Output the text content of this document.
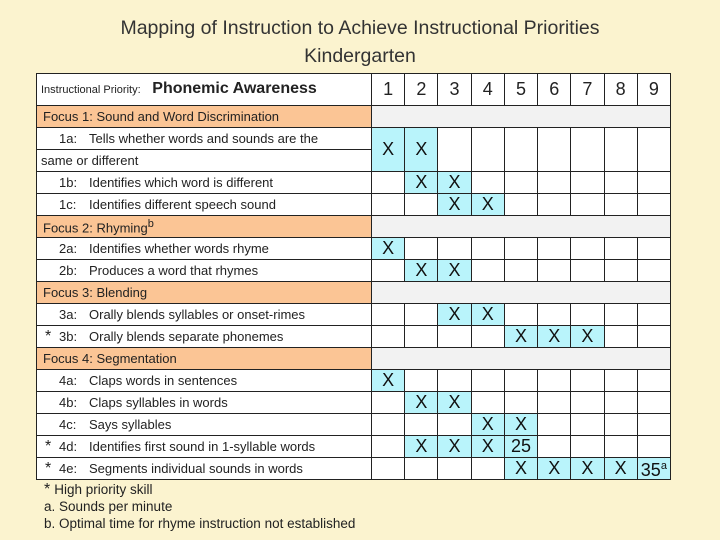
Mapping of Instruction to Achieve Instructional Priorities
Kindergarten
Instructional Priority: Phonemic Awareness	1	2	3	4	5	6	7	8	9
Focus 1: Sound and Word Discrimination									
1a: Tells whether words and sounds are the	X	X							
same or different									
1b: Identifies which word is different		X	X						
1c: Identifies different speech sound			X	X					
Focus 2: Rhyming$^b$	
2a: Identifies whether words rhyme	X								
2b: Produces a word that rhymes		X	X						
Focus 3: Blending									
3a: Orally blends syllables or onset-rimes			X	X					
* 3b: Orally blends separate phonemes					X	X	X		
Focus 4: Segmentation									
4a: Claps words in sentences	X								
4b: Claps syllables in words		X	X						
4c: Says syllables				X	X				
* 4d: Identifies first sound in 1-syllable words		X	X	X	25				
* 4e: Segments individual sounds in words					X	X	X	X	35$^a$
* High priority skill
a. Sounds per minute
b. Optimal time for rhyme instruction not established
